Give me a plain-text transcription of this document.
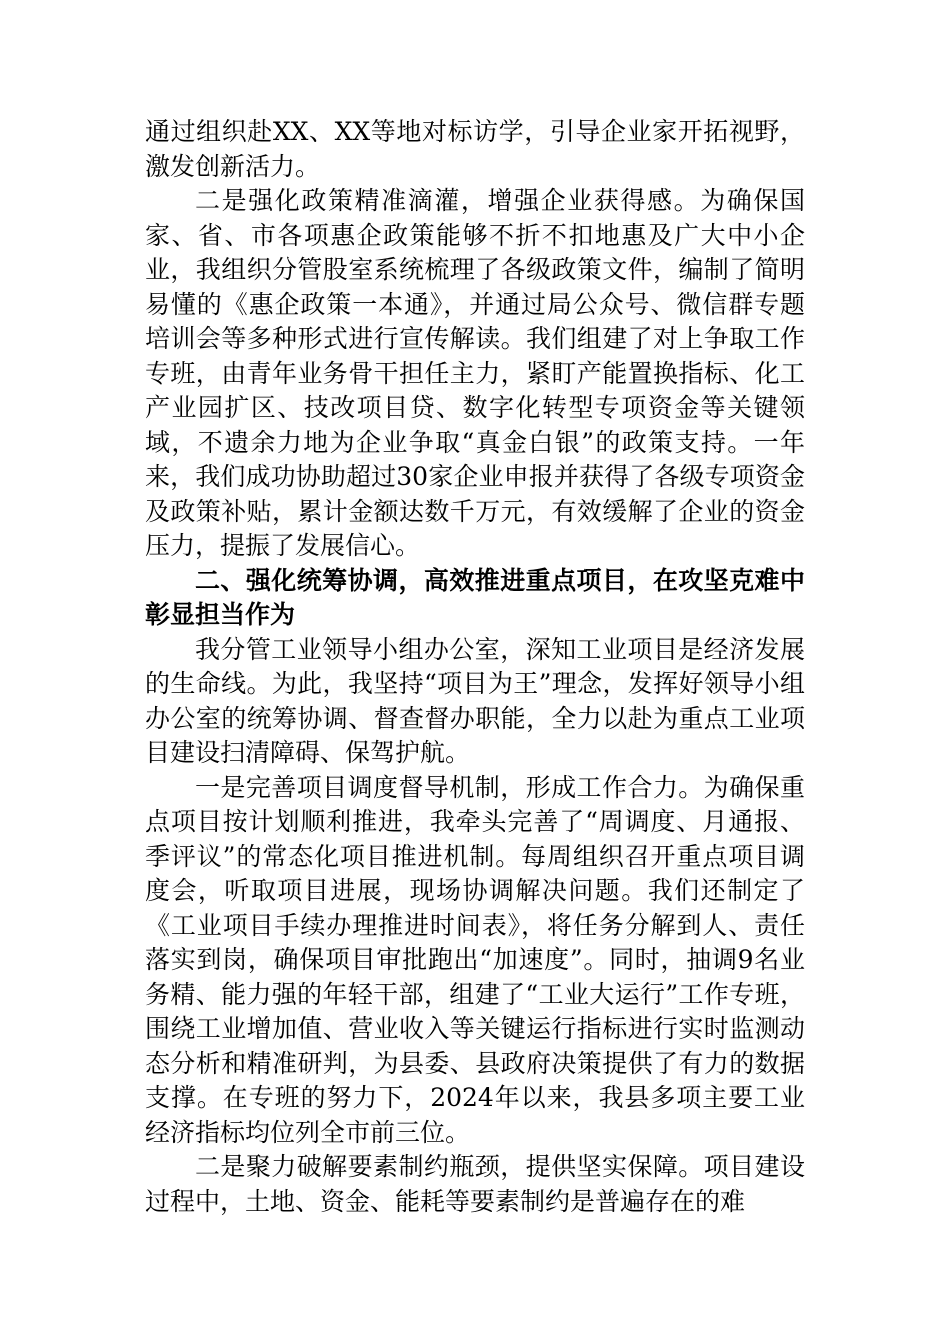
通过组织赴XX、XX等地对标访学，引导企业家开拓视野，激发创新活力。

二是强化政策精准滴灌，增强企业获得感。为确保国家、省、市各项惠企政策能够不折不扣地惠及广大中小企业，我组织分管股室系统梳理了各级政策文件，编制了简明易懂的《惠企政策一本通》，并通过局公众号、微信群专题培训会等多种形式进行宣传解读。我们组建了对上争取工作专班，由青年业务骨干担任主力，紧盯产能置换指标、化工产业园扩区、技改项目贷、数字化转型专项资金等关键领域，不遗余力地为企业争取“真金白银”的政策支持。一年来，我们成功协助超过30家企业申报并获得了各级专项资金及政策补贴，累计金额达数千万元，有效缓解了企业的资金压力，提振了发展信心。

二、强化统筹协调，高效推进重点项目，在攻坚克难中彰显担当作为

我分管工业领导小组办公室，深知工业项目是经济发展的生命线。为此，我坚持“项目为王”理念，发挥好领导小组办公室的统筹协调、督查督办职能，全力以赴为重点工业项目建设扫清障碍、保驾护航。

一是完善项目调度督导机制，形成工作合力。为确保重点项目按计划顺利推进，我牵头完善了“周调度、月通报、季评议”的常态化项目推进机制。每周组织召开重点项目调度会，听取项目进展，现场协调解决问题。我们还制定了《工业项目手续办理推进时间表》，将任务分解到人、责任落实到岗，确保项目审批跑出“加速度”。同时，抽调9名业务精、能力强的年轻干部，组建了“工业大运行”工作专班，围绕工业增加值、营业收入等关键运行指标进行实时监测动态分析和精准研判，为县委、县政府决策提供了有力的数据支撑。在专班的努力下，2024年以来，我县多项主要工业经济指标均位列全市前三位。

二是聚力破解要素制约瓶颈，提供坚实保障。项目建设过程中，土地、资金、能耗等要素制约是普遍存在的难
